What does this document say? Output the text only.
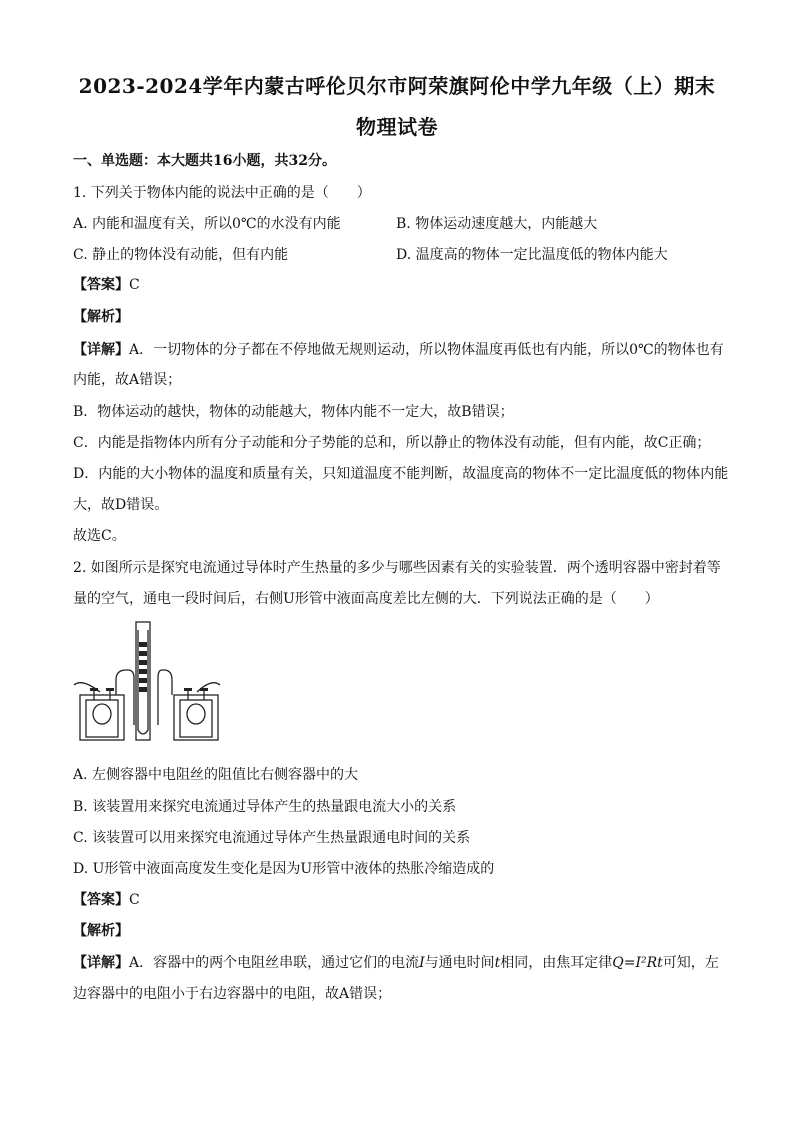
2023-2024学年内蒙古呼伦贝尔市阿荣旗阿伦中学九年级（上）期末
物理试卷
一、单选题：本大题共16小题，共32分。
1. 下列关于物体内能的说法中正确的是（　　）
A. 内能和温度有关，所以0℃的水没有内能	B. 物体运动速度越大，内能越大
C. 静止的物体没有动能，但有内能	D. 温度高的物体一定比温度低的物体内能大
【答案】C
【解析】
【详解】A．一切物体的分子都在不停地做无规则运动，所以物体温度再低也有内能，所以0℃的物体也有
内能，故A错误；
B．物体运动的越快，物体的动能越大，物体内能不一定大，故B错误；
C．内能是指物体内所有分子动能和分子势能的总和，所以静止的物体没有动能，但有内能，故C正确；
D．内能的大小物体的温度和质量有关，只知道温度不能判断，故温度高的物体不一定比温度低的物体内能
大，故D错误。
故选C。
2. 如图所示是探究电流通过导体时产生热量的多少与哪些因素有关的实验装置．两个透明容器中密封着等
量的空气，通电一段时间后，右侧U形管中液面高度差比左侧的大．下列说法正确的是（　　）
A. 左侧容器中电阻丝的阻值比右侧容器中的大
B. 该装置用来探究电流通过导体产生的热量跟电流大小的关系
C. 该装置可以用来探究电流通过导体产生热量跟通电时间的关系
D. U形管中液面高度发生变化是因为U形管中液体的热胀冷缩造成的
【答案】C
【解析】
【详解】A．容器中的两个电阻丝串联，通过它们的电流I与通电时间t相同，由焦耳定律Q=I²Rt可知，左
边容器中的电阻小于右边容器中的电阻，故A错误；
